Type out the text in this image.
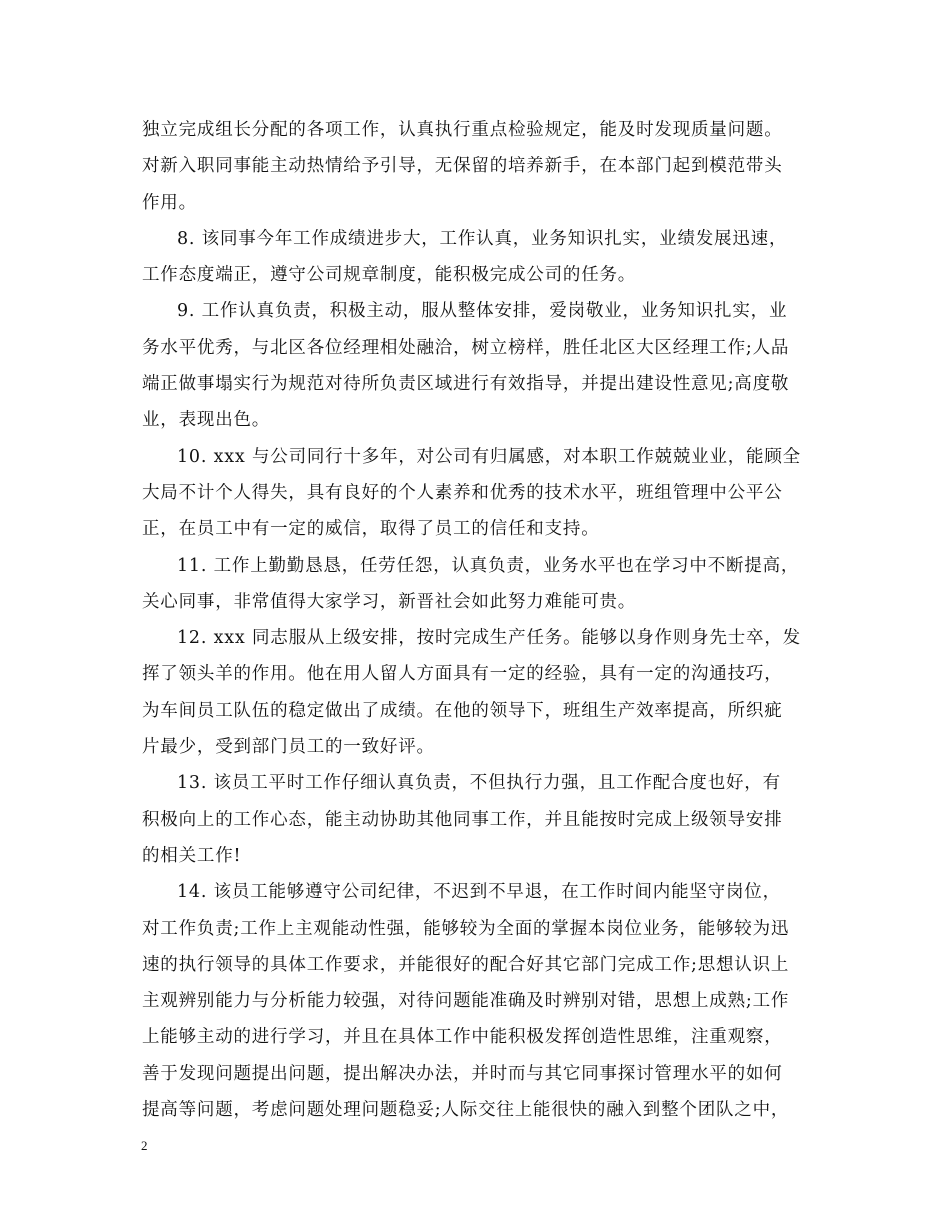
独立完成组长分配的各项工作，认真执行重点检验规定，能及时发现质量问题。
对新入职同事能主动热情给予引导，无保留的培养新手，在本部门起到模范带头
作用。

8. 该同事今年工作成绩进步大，工作认真，业务知识扎实，业绩发展迅速，
工作态度端正，遵守公司规章制度，能积极完成公司的任务。

9. 工作认真负责，积极主动，服从整体安排，爱岗敬业，业务知识扎实，业
务水平优秀，与北区各位经理相处融洽，树立榜样，胜任北区大区经理工作;人品
端正做事塌实行为规范对待所负责区域进行有效指导，并提出建设性意见;高度敬
业，表现出色。

10. xxx 与公司同行十多年，对公司有归属感，对本职工作兢兢业业，能顾全
大局不计个人得失，具有良好的个人素养和优秀的技术水平，班组管理中公平公
正，在员工中有一定的威信，取得了员工的信任和支持。

11. 工作上勤勤恳恳，任劳任怨，认真负责，业务水平也在学习中不断提高，
关心同事，非常值得大家学习，新晋社会如此努力难能可贵。

12. xxx 同志服从上级安排，按时完成生产任务。能够以身作则身先士卒，发
挥了领头羊的作用。他在用人留人方面具有一定的经验，具有一定的沟通技巧，
为车间员工队伍的稳定做出了成绩。在他的领导下，班组生产效率提高，所织疵
片最少，受到部门员工的一致好评。

13. 该员工平时工作仔细认真负责，不但执行力强，且工作配合度也好，有
积极向上的工作心态，能主动协助其他同事工作，并且能按时完成上级领导安排
的相关工作!

14. 该员工能够遵守公司纪律，不迟到不早退，在工作时间内能坚守岗位，
对工作负责;工作上主观能动性强，能够较为全面的掌握本岗位业务，能够较为迅
速的执行领导的具体工作要求，并能很好的配合好其它部门完成工作;思想认识上
主观辨别能力与分析能力较强，对待问题能准确及时辨别对错，思想上成熟;工作
上能够主动的进行学习，并且在具体工作中能积极发挥创造性思维，注重观察，
善于发现问题提出问题，提出解决办法，并时而与其它同事探讨管理水平的如何
提高等问题，考虑问题处理问题稳妥;人际交往上能很快的融入到整个团队之中，

2
